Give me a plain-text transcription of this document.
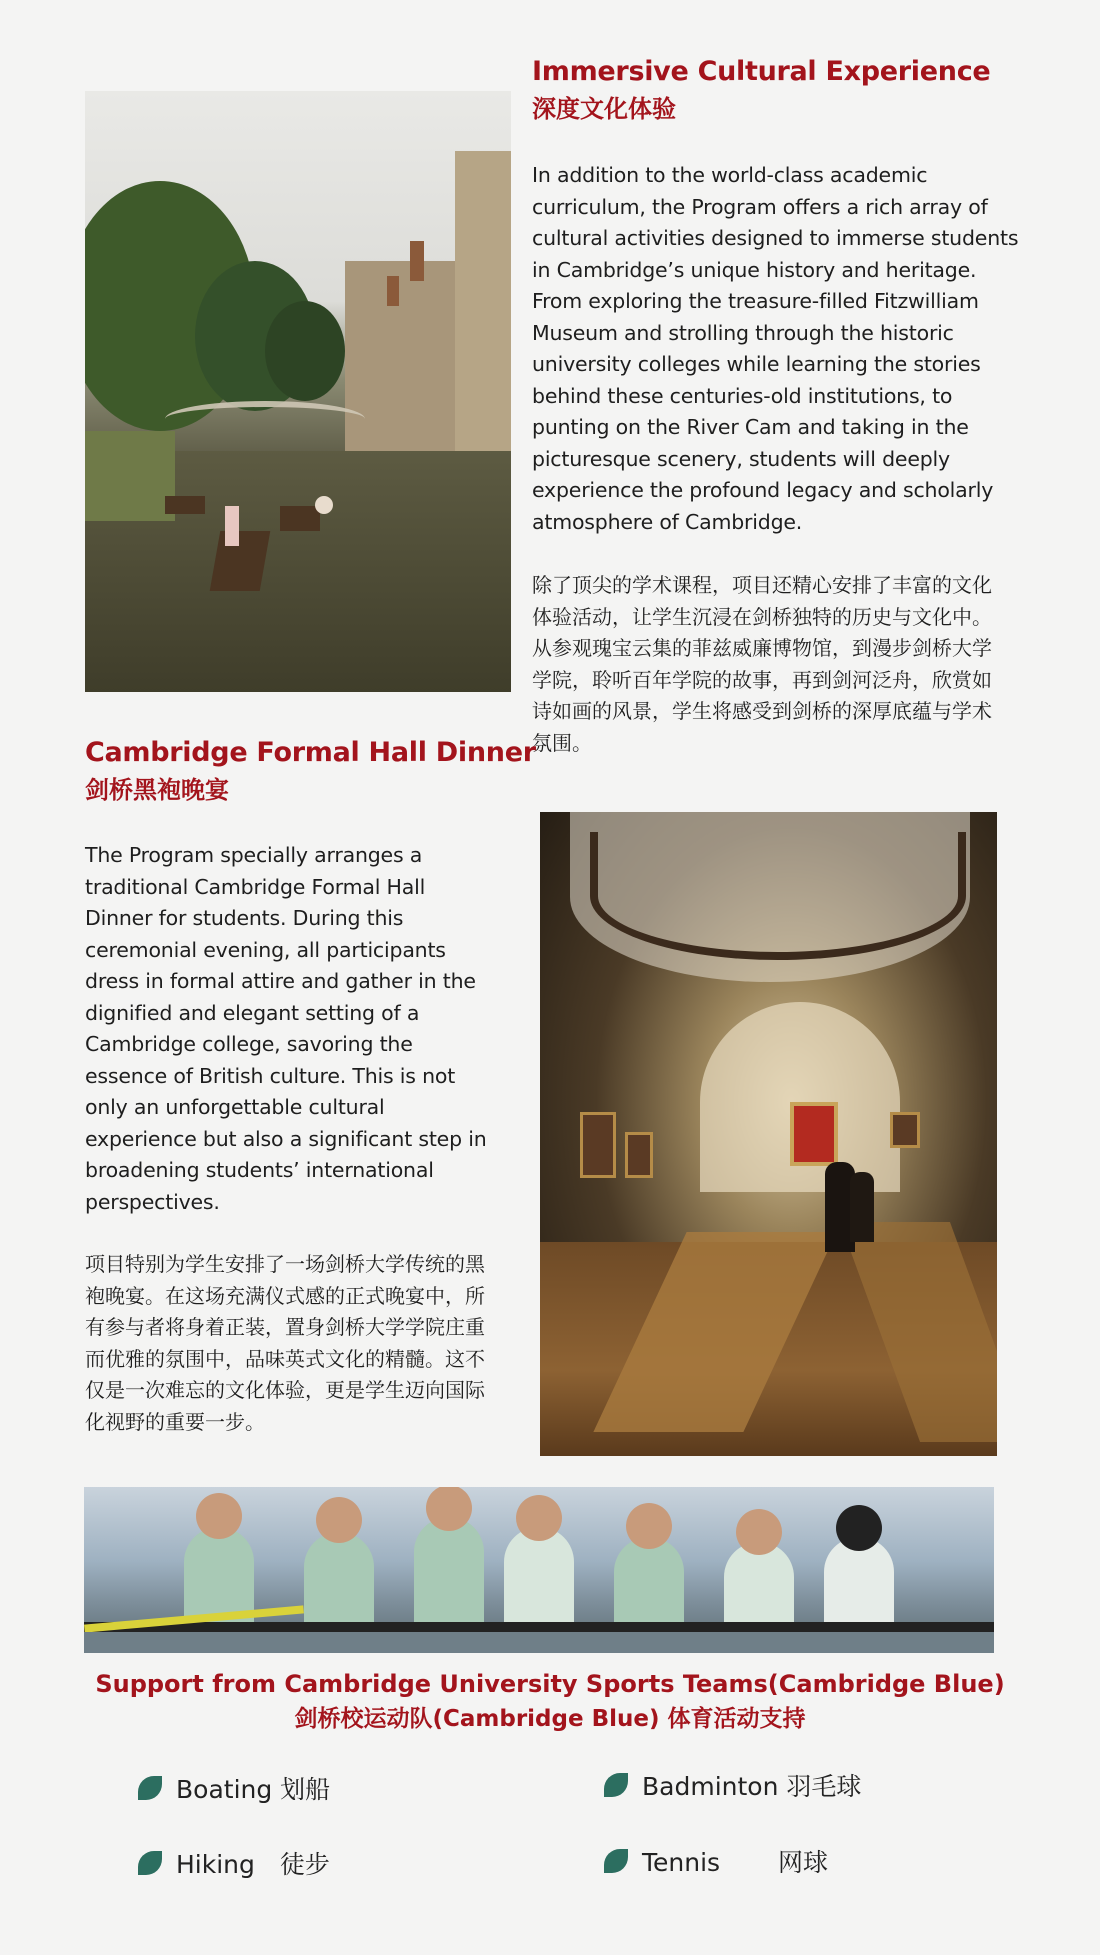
Immersive Cultural Experience
深度文化体验
In addition to the world-class academic curriculum, the Program offers a rich array of cultural activities designed to immerse students in Cambridge’s unique history and heritage. From exploring the treasure-filled Fitzwilliam Museum and strolling through the historic university colleges while learning the stories behind these centuries-old institutions, to punting on the River Cam and taking in the picturesque scenery, students will deeply experience the profound legacy and scholarly atmosphere of Cambridge.
除了顶尖的学术课程，项目还精心安排了丰富的文化体验活动，让学生沉浸在剑桥独特的历史与文化中。从参观瑰宝云集的菲兹威廉博物馆，到漫步剑桥大学学院，聆听百年学院的故事，再到剑河泛舟，欣赏如诗如画的风景，学生将感受到剑桥的深厚底蕴与学术氛围。
Cambridge Formal Hall Dinner
剑桥黑袍晚宴
The Program specially arranges a traditional Cambridge Formal Hall Dinner for students. During this ceremonial evening, all participants dress in formal attire and gather in the dignified and elegant setting of a Cambridge college, savoring the essence of British culture. This is not only an unforgettable cultural experience but also a significant step in broadening students’ international perspectives.
项目特别为学生安排了一场剑桥大学传统的黑袍晚宴。在这场充满仪式感的正式晚宴中，所有参与者将身着正装，置身剑桥大学学院庄重而优雅的氛围中，品味英式文化的精髓。这不仅是一次难忘的文化体验，更是学生迈向国际化视野的重要一步。
Support from Cambridge University Sports Teams(Cambridge Blue)
剑桥校运动队(Cambridge Blue) 体育活动支持
Boating 划船	Badminton 羽毛球
Hiking　徒步	Tennis　　 网球
